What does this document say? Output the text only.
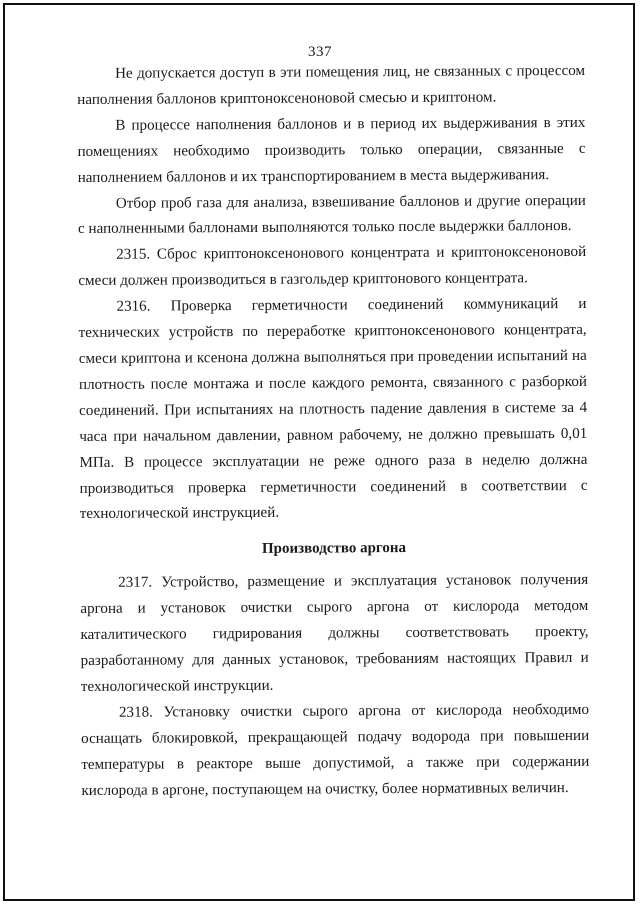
337

Не допускается доступ в эти помещения лиц, не связанных с процессом наполнения баллонов криптоноксеноновой смесью и криптоном.

В процессе наполнения баллонов и в период их выдерживания в этих помещениях необходимо производить только операции, связанные с наполнением баллонов и их транспортированием в места выдерживания.

Отбор проб газа для анализа, взвешивание баллонов и другие операции с наполненными баллонами выполняются только после выдержки баллонов.

2315. Сброс криптоноксенонового концентрата и криптоноксеноновой смеси должен производиться в газгольдер криптонового концентрата.

2316. Проверка герметичности соединений коммуникаций и технических устройств по переработке криптоноксенонового концентрата, смеси криптона и ксенона должна выполняться при проведении испытаний на плотность после монтажа и после каждого ремонта, связанного с разборкой соединений. При испытаниях на плотность падение давления в системе за 4 часа при начальном давлении, равном рабочему, не должно превышать 0,01 МПа. В процессе эксплуатации не реже одного раза в неделю должна производиться проверка герметичности соединений в соответствии с технологической инструкцией.

Производство аргона

2317. Устройство, размещение и эксплуатация установок получения аргона и установок очистки сырого аргона от кислорода методом каталитического гидрирования должны соответствовать проекту, разработанному для данных установок, требованиям настоящих Правил и технологической инструкции.

2318. Установку очистки сырого аргона от кислорода необходимо оснащать блокировкой, прекращающей подачу водорода при повышении температуры в реакторе выше допустимой, а также при содержании кислорода в аргоне, поступающем на очистку, более нормативных величин.
